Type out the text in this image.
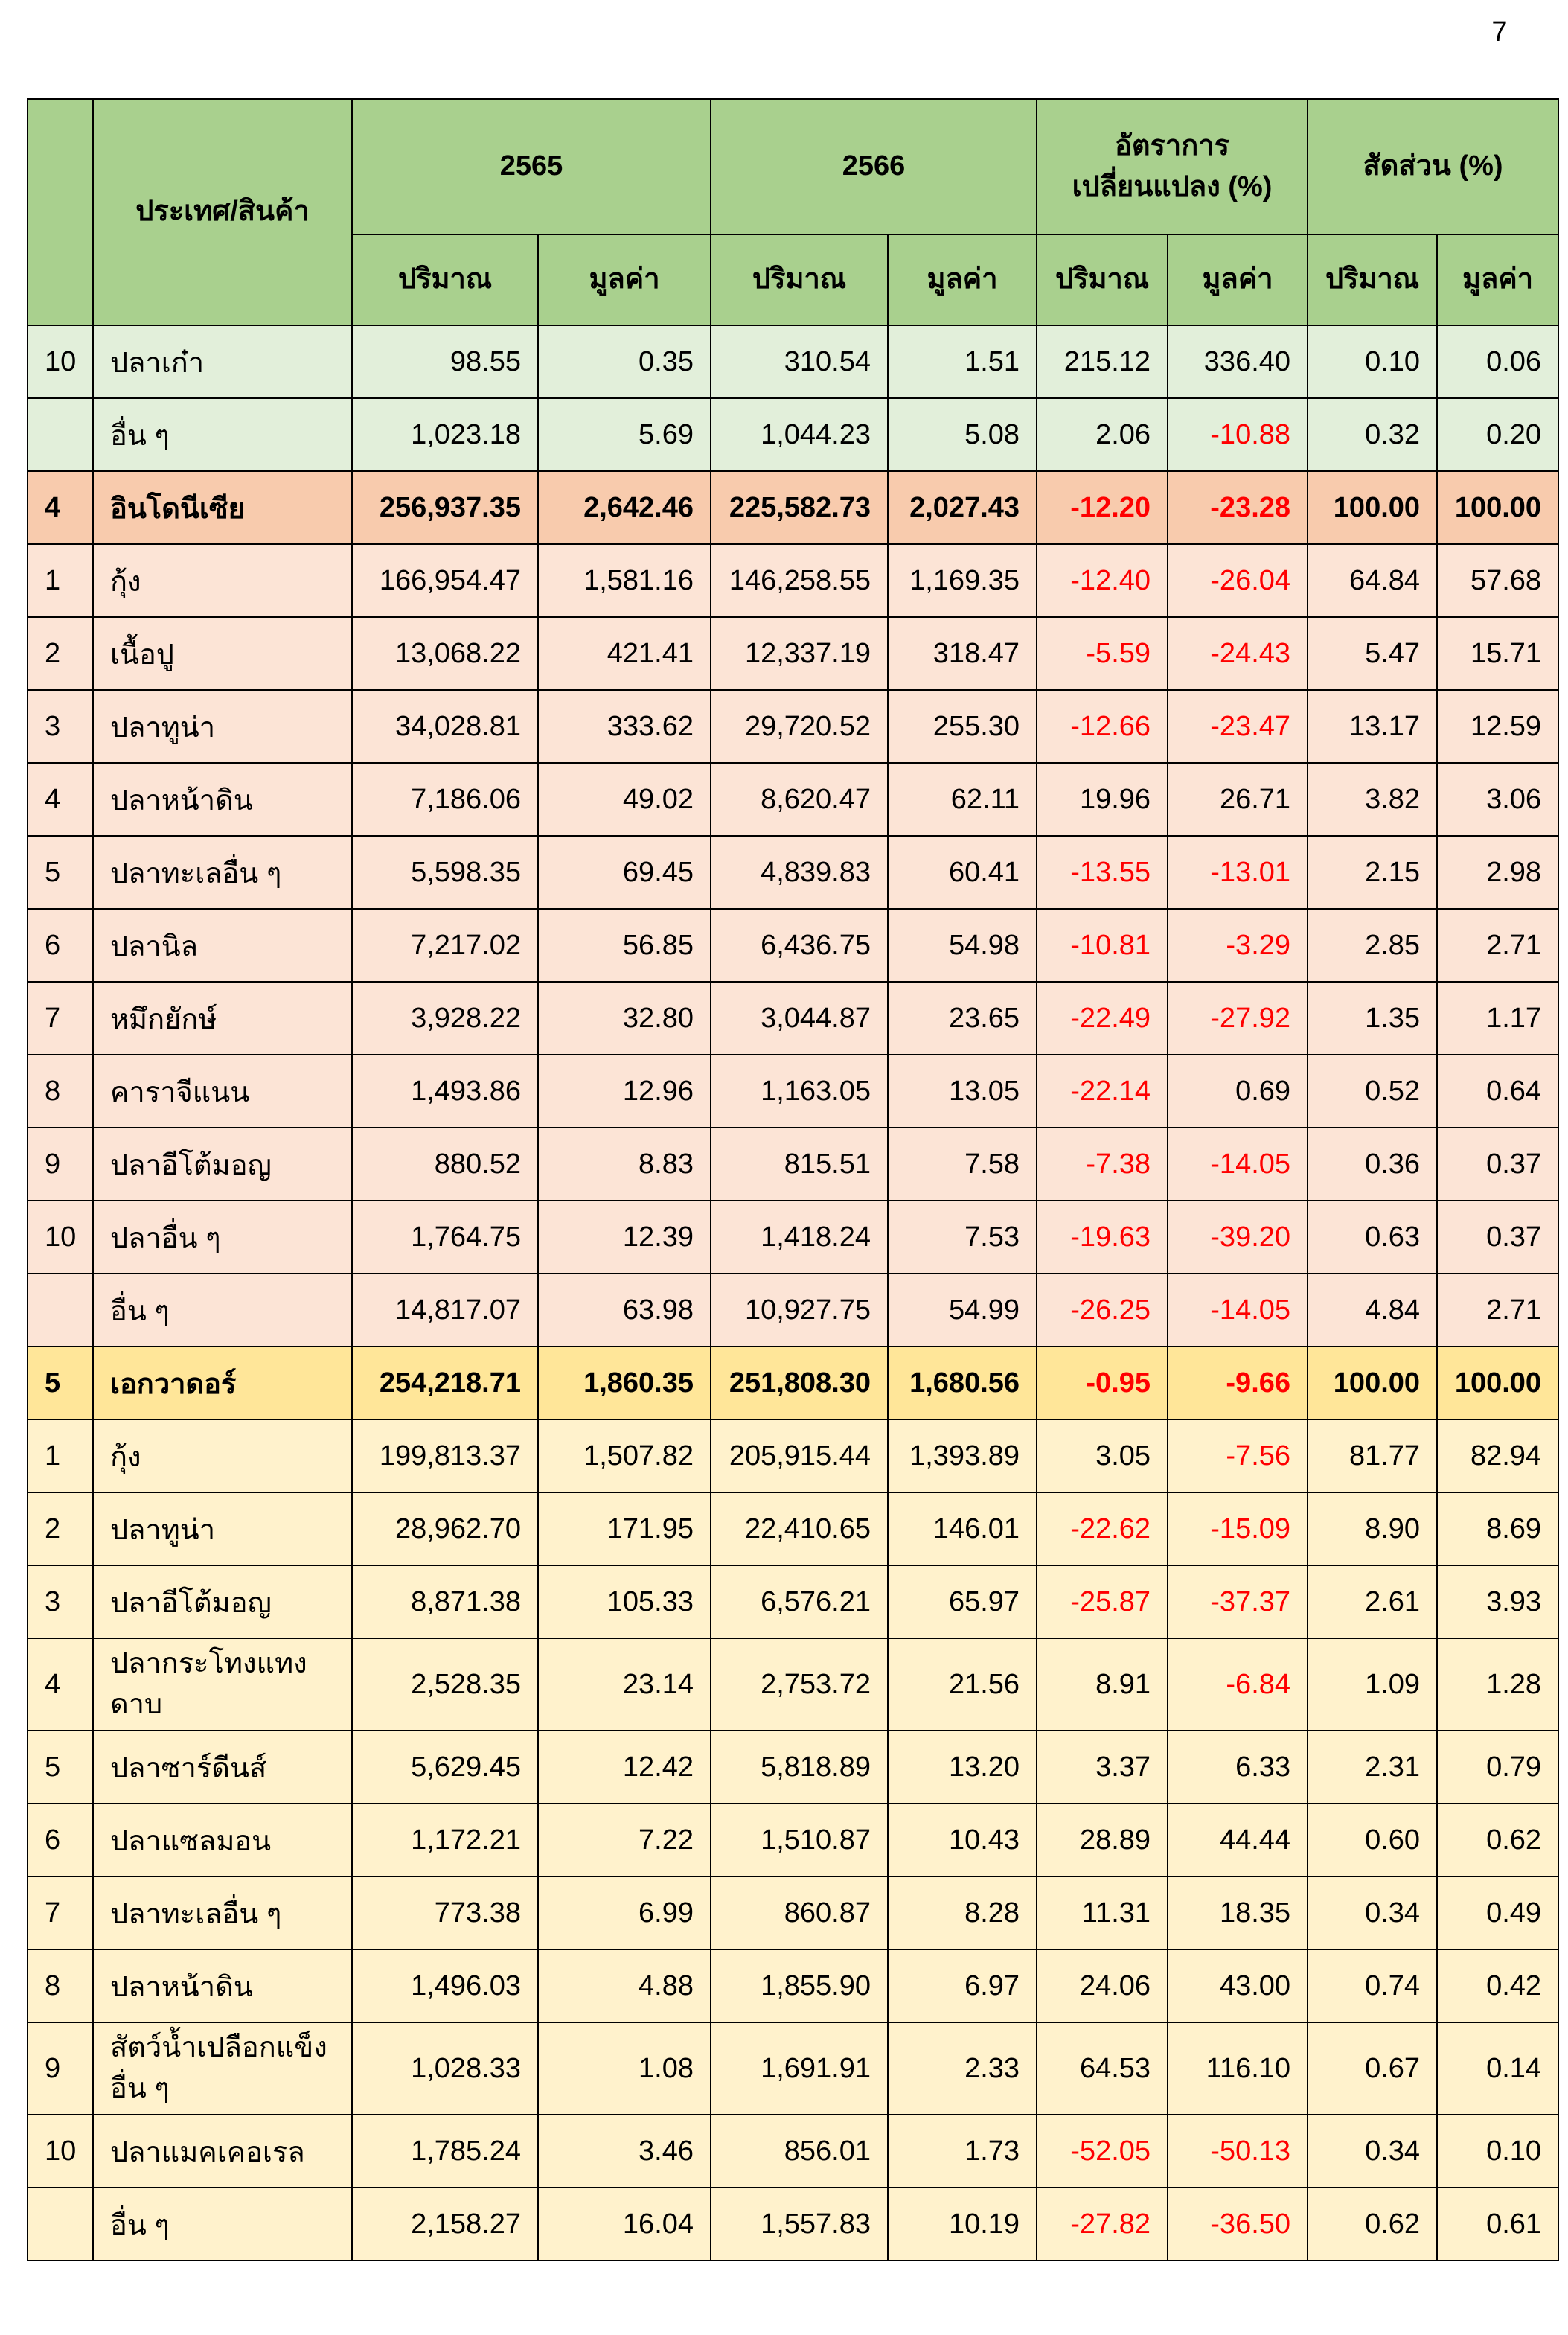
7
	ประเทศ/สินค้า	2565		2566		อัตราการ เปลี่ยนแปลง (%)		สัดส่วน (%)	
		ปริมาณ	มูลค่า	ปริมาณ	มูลค่า	ปริมาณ	มูลค่า	ปริมาณ	มูลค่า
10	ปลาเก๋า	98.55	0.35	310.54	1.51	215.12	336.40	0.10	0.06
	อื่น ๆ	1,023.18	5.69	1,044.23	5.08	2.06	-10.88	0.32	0.20
4	อินโดนีเซีย	256,937.35	2,642.46	225,582.73	2,027.43	-12.20	-23.28	100.00	100.00
1	กุ้ง	166,954.47	1,581.16	146,258.55	1,169.35	-12.40	-26.04	64.84	57.68
2	เนื้อปู	13,068.22	421.41	12,337.19	318.47	-5.59	-24.43	5.47	15.71
3	ปลาทูน่า	34,028.81	333.62	29,720.52	255.30	-12.66	-23.47	13.17	12.59
4	ปลาหน้าดิน	7,186.06	49.02	8,620.47	62.11	19.96	26.71	3.82	3.06
5	ปลาทะเลอื่น ๆ	5,598.35	69.45	4,839.83	60.41	-13.55	-13.01	2.15	2.98
6	ปลานิล	7,217.02	56.85	6,436.75	54.98	-10.81	-3.29	2.85	2.71
7	หมึกยักษ์	3,928.22	32.80	3,044.87	23.65	-22.49	-27.92	1.35	1.17
8	คาราจีแนน	1,493.86	12.96	1,163.05	13.05	-22.14	0.69	0.52	0.64
9	ปลาอีโต้มอญ	880.52	8.83	815.51	7.58	-7.38	-14.05	0.36	0.37
10	ปลาอื่น ๆ	1,764.75	12.39	1,418.24	7.53	-19.63	-39.20	0.63	0.37
	อื่น ๆ	14,817.07	63.98	10,927.75	54.99	-26.25	-14.05	4.84	2.71
5	เอกวาดอร์	254,218.71	1,860.35	251,808.30	1,680.56	-0.95	-9.66	100.00	100.00
1	กุ้ง	199,813.37	1,507.82	205,915.44	1,393.89	3.05	-7.56	81.77	82.94
2	ปลาทูน่า	28,962.70	171.95	22,410.65	146.01	-22.62	-15.09	8.90	8.69
3	ปลาอีโต้มอญ	8,871.38	105.33	6,576.21	65.97	-25.87	-37.37	2.61	3.93
4	ปลากระโทงแทง ดาบ	2,528.35	23.14	2,753.72	21.56	8.91	-6.84	1.09	1.28
5	ปลาซาร์ดีนส์	5,629.45	12.42	5,818.89	13.20	3.37	6.33	2.31	0.79
6	ปลาแซลมอน	1,172.21	7.22	1,510.87	10.43	28.89	44.44	0.60	0.62
7	ปลาทะเลอื่น ๆ	773.38	6.99	860.87	8.28	11.31	18.35	0.34	0.49
8	ปลาหน้าดิน	1,496.03	4.88	1,855.90	6.97	24.06	43.00	0.74	0.42
9	สัตว์น้ำเปลือกแข็ง อื่น ๆ	1,028.33	1.08	1,691.91	2.33	64.53	116.10	0.67	0.14
10	ปลาแมคเคอเรล	1,785.24	3.46	856.01	1.73	-52.05	-50.13	0.34	0.10
	อื่น ๆ	2,158.27	16.04	1,557.83	10.19	-27.82	-36.50	0.62	0.61
